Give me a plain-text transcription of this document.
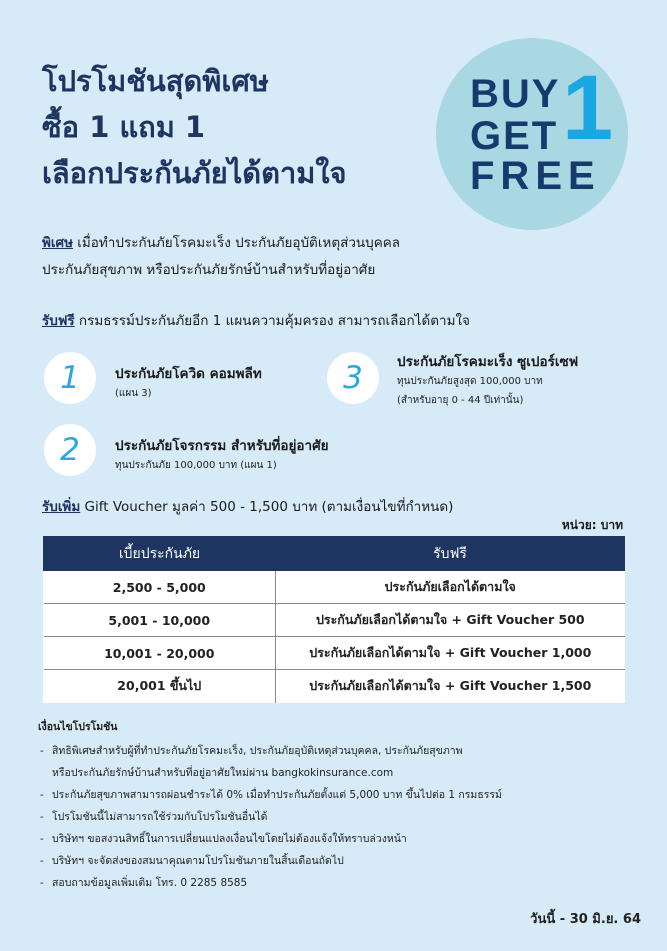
โปรโมชันสุดพิเศษ
ซื้อ 1 แถม 1
เลือกประกันภัยได้ตามใจ
BUY
GET
FREE
1
พิเศษ เมื่อทำประกันภัยโรคมะเร็ง ประกันภัยอุบัติเหตุส่วนบุคคล
ประกันภัยสุขภาพ หรือประกันภัยรักษ์บ้านสำหรับที่อยู่อาศัย
รับฟรี กรมธรรม์ประกันภัยอีก 1 แผนความคุ้มครอง สามารถเลือกได้ตามใจ
1	ประกันภัยโควิด คอมพลีท
(แผน 3)
2	ประกันภัยโจรกรรม สำหรับที่อยู่อาศัย
ทุนประกันภัย 100,000 บาท (แผน 1)
3	ประกันภัยโรคมะเร็ง ซูเปอร์เซฟ
ทุนประกันภัยสูงสุด 100,000 บาท
(สำหรับอายุ 0 - 44 ปีเท่านั้น)
รับเพิ่ม Gift Voucher มูลค่า 500 - 1,500 บาท (ตามเงื่อนไขที่กำหนด)
หน่วย: บาท
เบี้ยประกันภัย	รับฟรี
2,500 - 5,000	ประกันภัยเลือกได้ตามใจ
5,001 - 10,000	ประกันภัยเลือกได้ตามใจ + Gift Voucher 500
10,001 - 20,000	ประกันภัยเลือกได้ตามใจ + Gift Voucher 1,000
20,001 ขึ้นไป	ประกันภัยเลือกได้ตามใจ + Gift Voucher 1,500
เงื่อนไขโปรโมชัน
- สิทธิพิเศษสำหรับผู้ที่ทำประกันภัยโรคมะเร็ง, ประกันภัยอุบัติเหตุส่วนบุคคล, ประกันภัยสุขภาพ
หรือประกันภัยรักษ์บ้านสำหรับที่อยู่อาศัยใหม่ผ่าน bangkokinsurance.com
- ประกันภัยสุขภาพสามารถผ่อนชำระได้ 0% เมื่อทำประกันภัยตั้งแต่ 5,000 บาท ขึ้นไปต่อ 1 กรมธรรม์
- โปรโมชันนี้ไม่สามารถใช้ร่วมกับโปรโมชันอื่นได้
- บริษัทฯ ขอสงวนสิทธิ์ในการเปลี่ยนแปลงเงื่อนไขโดยไม่ต้องแจ้งให้ทราบล่วงหน้า
- บริษัทฯ จะจัดส่งของสมนาคุณตามโปรโมชันภายในสิ้นเดือนถัดไป
- สอบถามข้อมูลเพิ่มเติม โทร. 0 2285 8585
วันนี้ - 30 มิ.ย. 64
